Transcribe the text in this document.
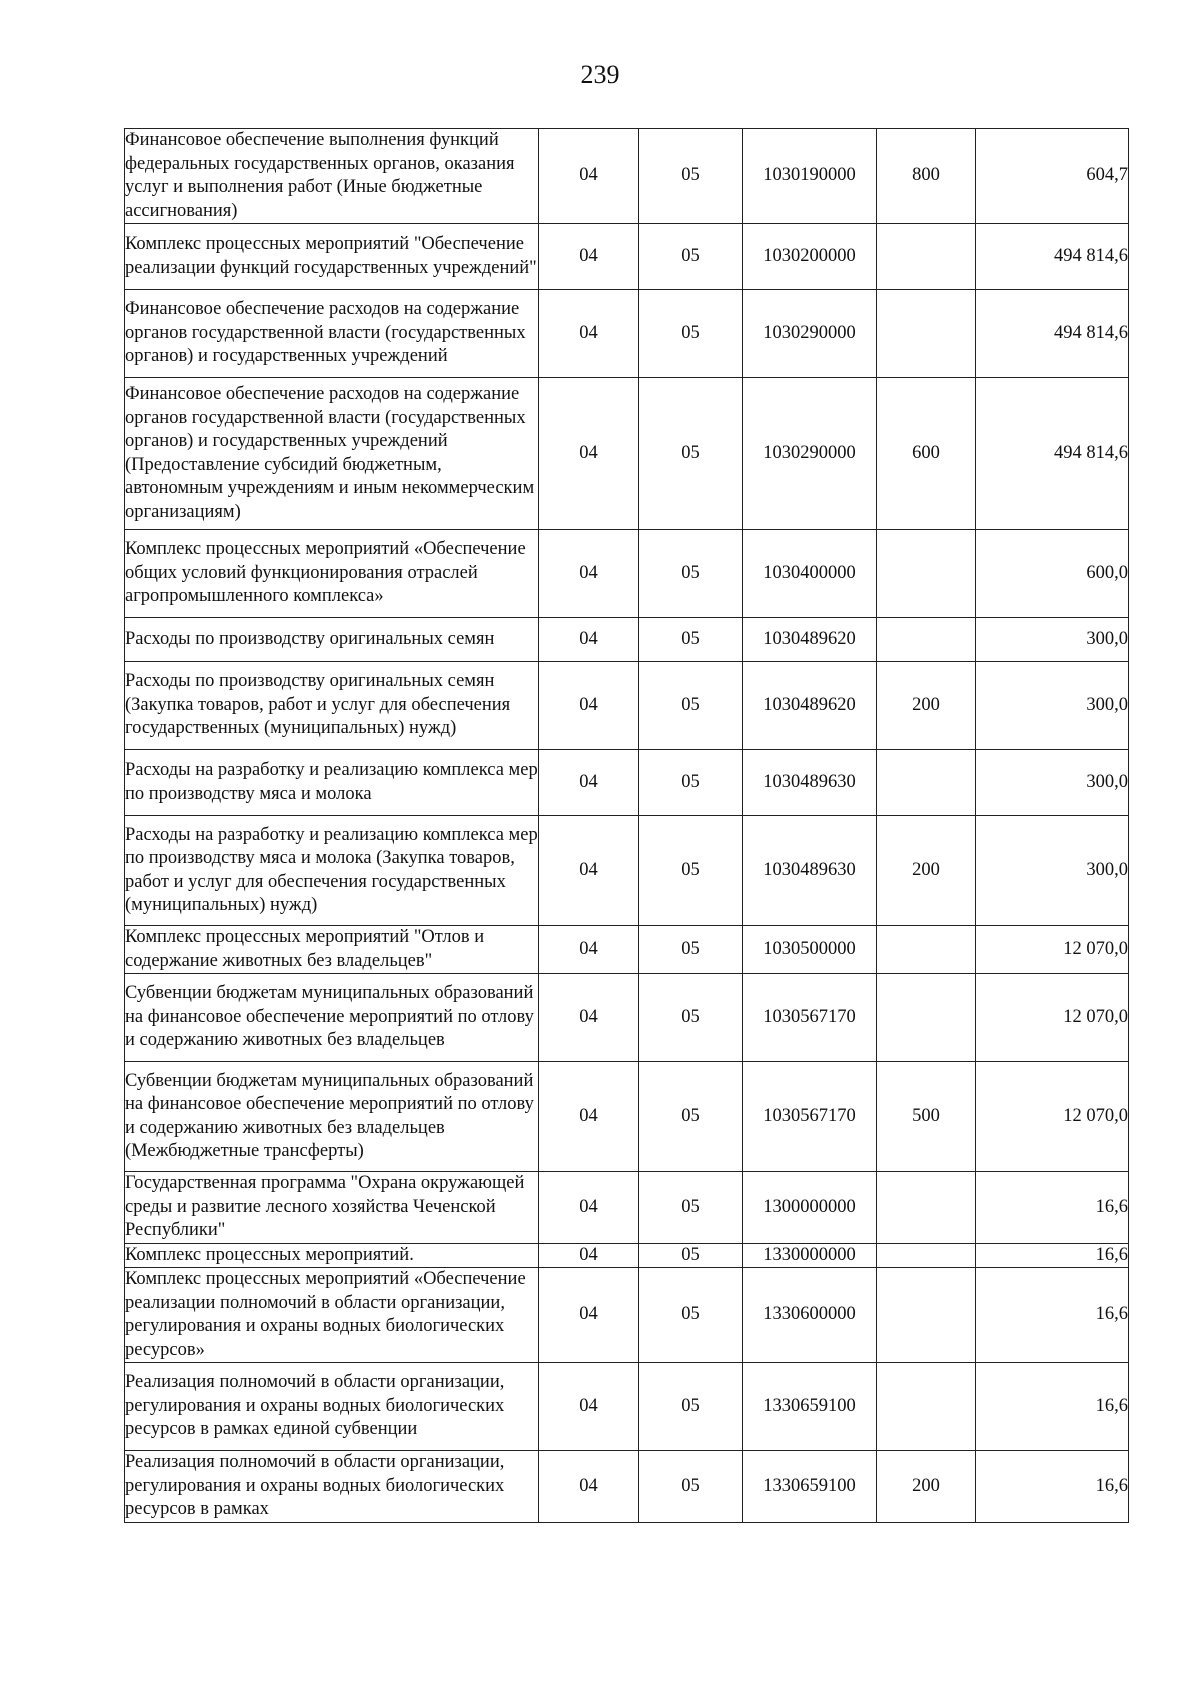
239
Финансовое обеспечение выполнения функций федеральных государственных органов, оказания услуг и выполнения работ (Иные бюджетные ассигнования)	04	05	1030190000	800	604,7
Комплекс процессных мероприятий "Обеспечение реализации функций государственных учреждений"	04	05	1030200000		494 814,6
Финансовое обеспечение расходов на содержание органов государственной власти (государственных органов) и государственных учреждений	04	05	1030290000		494 814,6
Финансовое обеспечение расходов на содержание органов государственной власти (государственных органов) и государственных учреждений (Предоставление субсидий бюджетным, автономным учреждениям и иным некоммерческим организациям)	04	05	1030290000	600	494 814,6
Комплекс процессных мероприятий «Обеспечение общих условий функционирования отраслей агропромышленного комплекса»	04	05	1030400000		600,0
Расходы по производству оригинальных семян	04	05	1030489620		300,0
Расходы по производству оригинальных семян (Закупка товаров, работ и услуг для обеспечения государственных (муниципальных) нужд)	04	05	1030489620	200	300,0
Расходы на разработку и реализацию комплекса мер по производству мяса и молока	04	05	1030489630		300,0
Расходы на разработку и реализацию комплекса мер по производству мяса и молока (Закупка товаров, работ и услуг для обеспечения государственных (муниципальных) нужд)	04	05	1030489630	200	300,0
Комплекс процессных мероприятий "Отлов и содержание животных без владельцев"	04	05	1030500000		12 070,0
Субвенции бюджетам муниципальных образований на финансовое обеспечение мероприятий по отлову и содержанию животных без владельцев	04	05	1030567170		12 070,0
Субвенции бюджетам муниципальных образований на финансовое обеспечение мероприятий по отлову и содержанию животных без владельцев (Межбюджетные трансферты)	04	05	1030567170	500	12 070,0
Государственная программа "Охрана окружающей среды и развитие лесного хозяйства Чеченской Республики"	04	05	1300000000		16,6
Комплекс процессных мероприятий.	04	05	1330000000		16,6
Комплекс процессных мероприятий «Обеспечение реализации полномочий в области организации, регулирования и охраны водных биологических ресурсов»	04	05	1330600000		16,6
Реализация полномочий в области организации, регулирования и охраны водных биологических ресурсов в рамках единой субвенции	04	05	1330659100		16,6
Реализация полномочий в области организации, регулирования и охраны водных биологических ресурсов в рамках	04	05	1330659100	200	16,6
